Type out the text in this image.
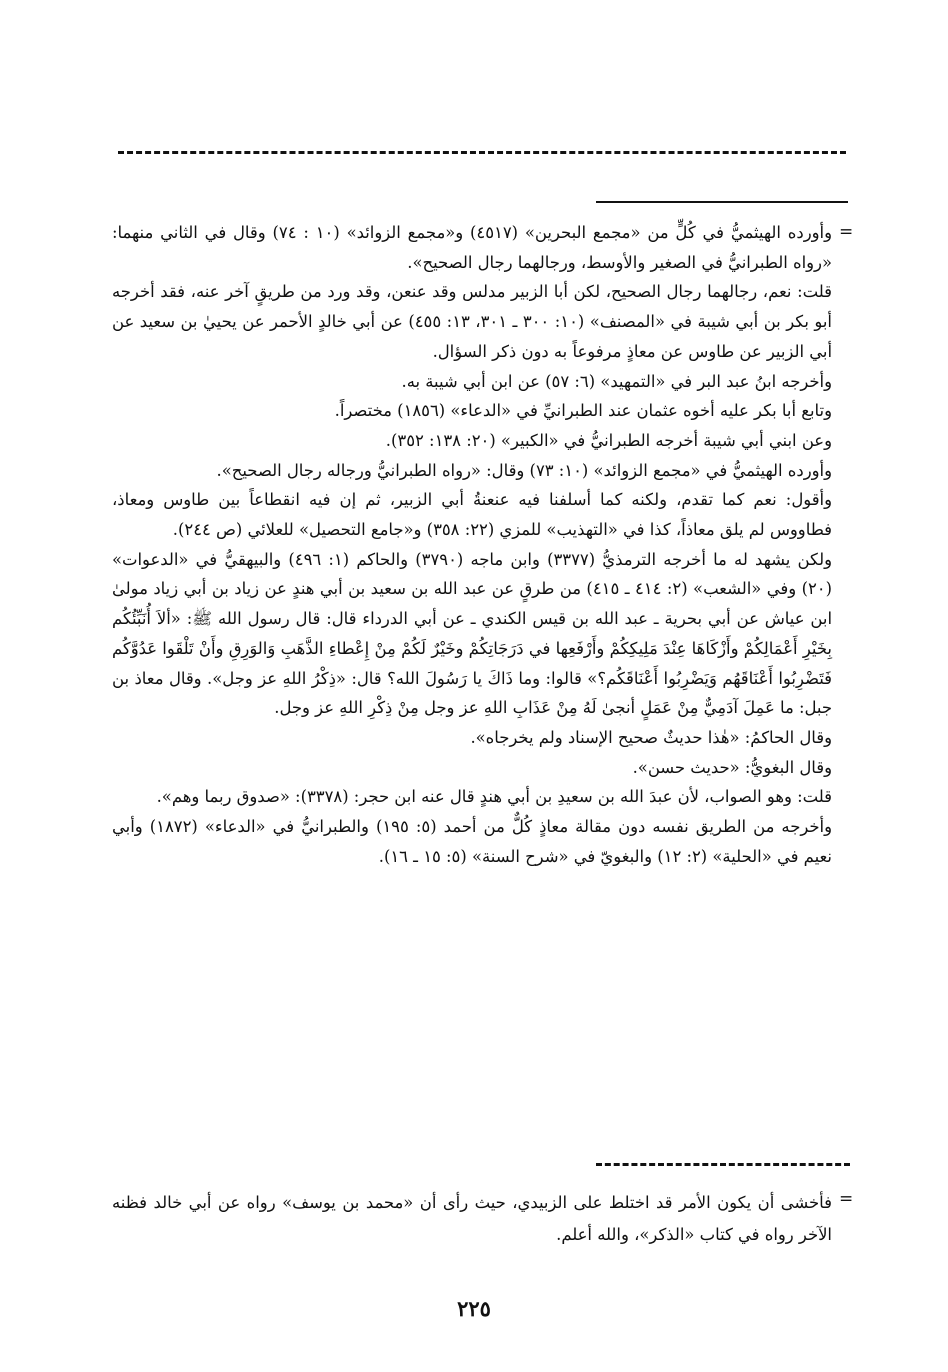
=

وأورده الهيثميُّ في كُلٍّ من «مجمع البحرين» (٤٥١٧) و«مجمع الزوائد» (١٠ : ٧٤) وقال في الثاني منهما: «رواه الطبرانيُّ في الصغير والأوسط، ورجالهما رجال الصحيح».

قلت: نعم، رجالهما رجال الصحيح، لكن أبا الزبير مدلس وقد عنعن، وقد ورد من طريقٍ آخر عنه، فقد أخرجه أبو بكر بن أبي شيبة في «المصنف» (١٠: ٣٠٠ ـ ٣٠١، ١٣: ٤٥٥) عن أبي خالدٍ الأحمر عن يحييٰ بن سعيد عن أبي الزبير عن طاوس عن معاذٍ مرفوعاً به دون ذكر السؤال.

وأخرجه ابنُ عبد البر في «التمهيد» (٦: ٥٧) عن ابن أبي شيبة به.

وتابع أبا بكر عليه أخوه عثمان عند الطبرانيِّ في «الدعاء» (١٨٥٦) مختصراً.

وعن ابني أبي شيبة أخرجه الطبرانيُّ في «الكبير» (٢٠: ١٣٨: ٣٥٢).

وأورده الهيثميُّ في «مجمع الزوائد» (١٠: ٧٣) وقال: «رواه الطبرانيُّ ورجاله رجال الصحيح».

وأقول: نعم كما تقدم، ولكنه كما أسلفنا فيه عنعنةُ أبي الزبير، ثم إن فيه انقطاعاً بين طاوس ومعاذ، فطاووس لم يلق معاذاً، كذا في «التهذيب» للمزي (٢٢: ٣٥٨) و«جامع التحصيل» للعلائي (ص ٢٤٤).

ولكن يشهد له ما أخرجه الترمذيُّ (٣٣٧٧) وابن ماجه (٣٧٩٠) والحاكم (١: ٤٩٦) والبيهقيُّ في «الدعوات» (٢٠) وفي «الشعب» (٢: ٤١٤ ـ ٤١٥) من طرقٍ عن عبد الله بن سعيد بن أبي هندٍ عن زياد بن أبي زياد مولىٰ ابن عياش عن أبي بحرية ـ عبد الله بن قيس الكندي ـ عن أبي الدرداء قال: قال رسول الله ﷺ: «ألاَ أُنَبِّئُكُم بِخَيْرِ أَعْمَالِكُمْ وأَزْكَاهَا عِنْدَ مَلِيكِكُمْ وأَرْفَعِها في دَرَجَاتِكُمْ وخَيْرٌ لَكُمْ مِنْ إِعْطاءِ الذَّهَبِ وَالوَرِقِ وأَنْ تَلْقَوا عَدُوَّكُم فَتَضْرِبُوا أَعْنَاقَهُم وَيَضْرِبُوا أَعْنَاقَكُم؟» قالوا: وما ذَاكَ يا رَسُولَ الله؟ قال: «ذِكْرُ اللهِ عز وجل». وقال معاذ بن جبل: ما عَمِلَ آدَمِيٌّ مِنْ عَمَلٍ أنجىٰ لَهُ مِنْ عَذَابِ اللهِ عز وجل مِنْ ذِكْرِ اللهِ عز وجل.

وقال الحاكمُ: «هٰذا حديثٌ صحيح الإسناد ولم يخرجاه».

وقال البغويُّ: «حديث حسن».

قلت: وهو الصواب، لأن عبدَ الله بن سعيدِ بن أبي هندٍ قال عنه ابن حجر: (٣٣٧٨): «صدوق ربما وهم».

وأخرجه من الطريق نفسه دون مقالة معاذٍ كُلٌّ من أحمد (٥: ١٩٥) والطبرانيُّ في «الدعاء» (١٨٧٢) وأبي نعيم في «الحلية» (٢: ١٢) والبغويّ في «شرح السنة» (٥: ١٥ ـ ١٦).

=

فأخشى أن يكون الأمر قد اختلط على الزبيدي، حيث رأى أن «محمد بن يوسف» رواه عن أبي خالد فظنه الآخر رواه في كتاب «الذكر»، والله أعلم.

٢٢٥
